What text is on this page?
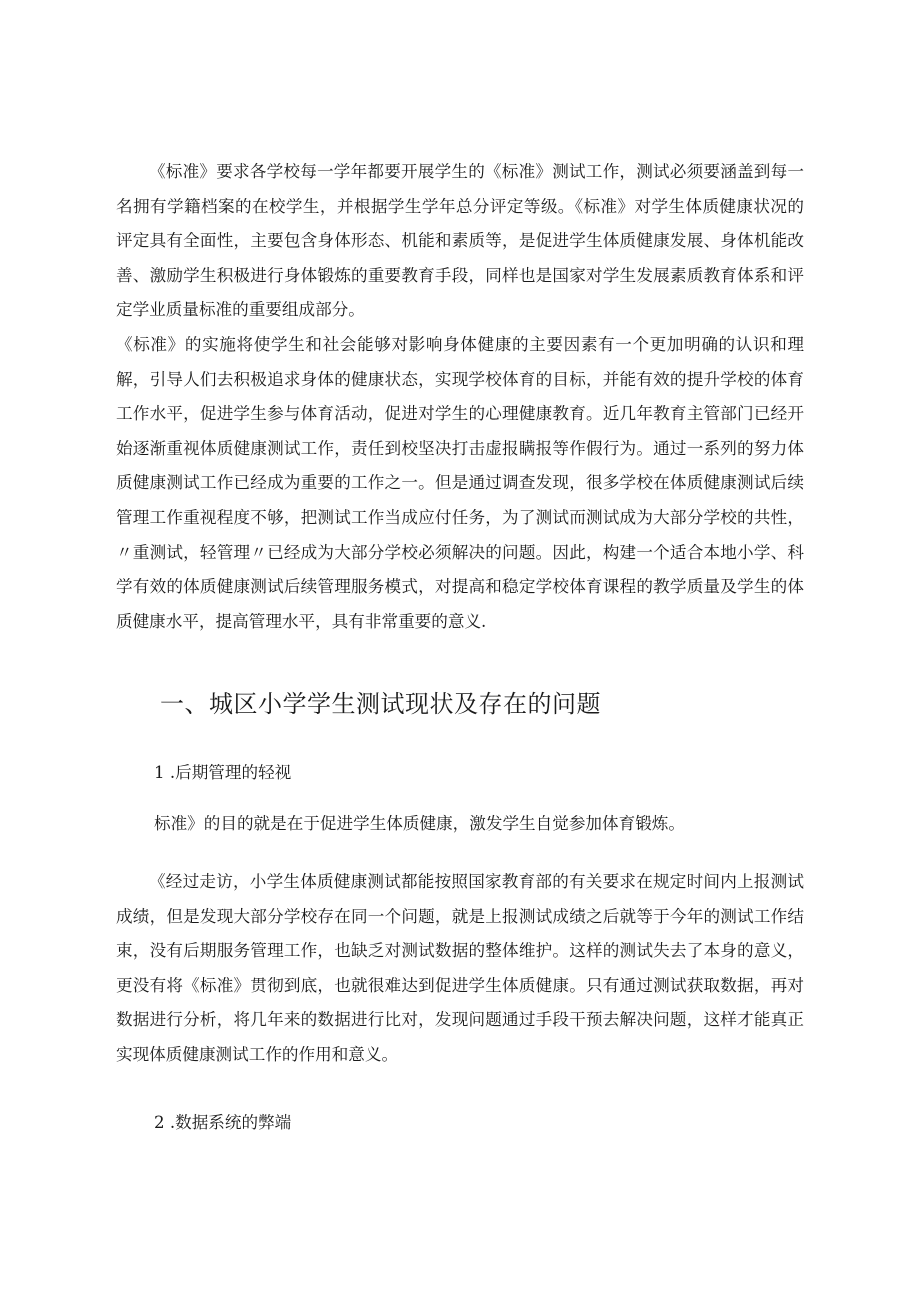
《标准》要求各学校每一学年都要开展学生的《标准》测试工作，测试必须要涵盖到每一名拥有学籍档案的在校学生，并根据学生学年总分评定等级。《标准》对学生体质健康状况的评定具有全面性，主要包含身体形态、机能和素质等，是促进学生体质健康发展、身体机能改善、激励学生积极进行身体锻炼的重要教育手段，同样也是国家对学生发展素质教育体系和评定学业质量标准的重要组成部分。

《标准》的实施将使学生和社会能够对影响身体健康的主要因素有一个更加明确的认识和理解，引导人们去积极追求身体的健康状态，实现学校体育的目标，并能有效的提升学校的体育工作水平，促进学生参与体育活动，促进对学生的心理健康教育。近几年教育主管部门已经开始逐渐重视体质健康测试工作，责任到校坚决打击虚报瞒报等作假行为。通过一系列的努力体质健康测试工作已经成为重要的工作之一。但是通过调查发现，很多学校在体质健康测试后续管理工作重视程度不够，把测试工作当成应付任务，为了测试而测试成为大部分学校的共性，〃重测试，轻管理〃已经成为大部分学校必须解决的问题。因此，构建一个适合本地小学、科学有效的体质健康测试后续管理服务模式，对提高和稳定学校体育课程的教学质量及学生的体质健康水平，提高管理水平，具有非常重要的意义.

一、城区小学学生测试现状及存在的问题
1 .后期管理的轻视

标准》的目的就是在于促进学生体质健康，激发学生自觉参加体育锻炼。

《经过走访，小学生体质健康测试都能按照国家教育部的有关要求在规定时间内上报测试成绩，但是发现大部分学校存在同一个问题，就是上报测试成绩之后就等于今年的测试工作结束，没有后期服务管理工作，也缺乏对测试数据的整体维护。这样的测试失去了本身的意义，更没有将《标准》贯彻到底，也就很难达到促进学生体质健康。只有通过测试获取数据，再对数据进行分析，将几年来的数据进行比对，发现问题通过手段干预去解决问题，这样才能真正实现体质健康测试工作的作用和意义。

2 .数据系统的弊端
